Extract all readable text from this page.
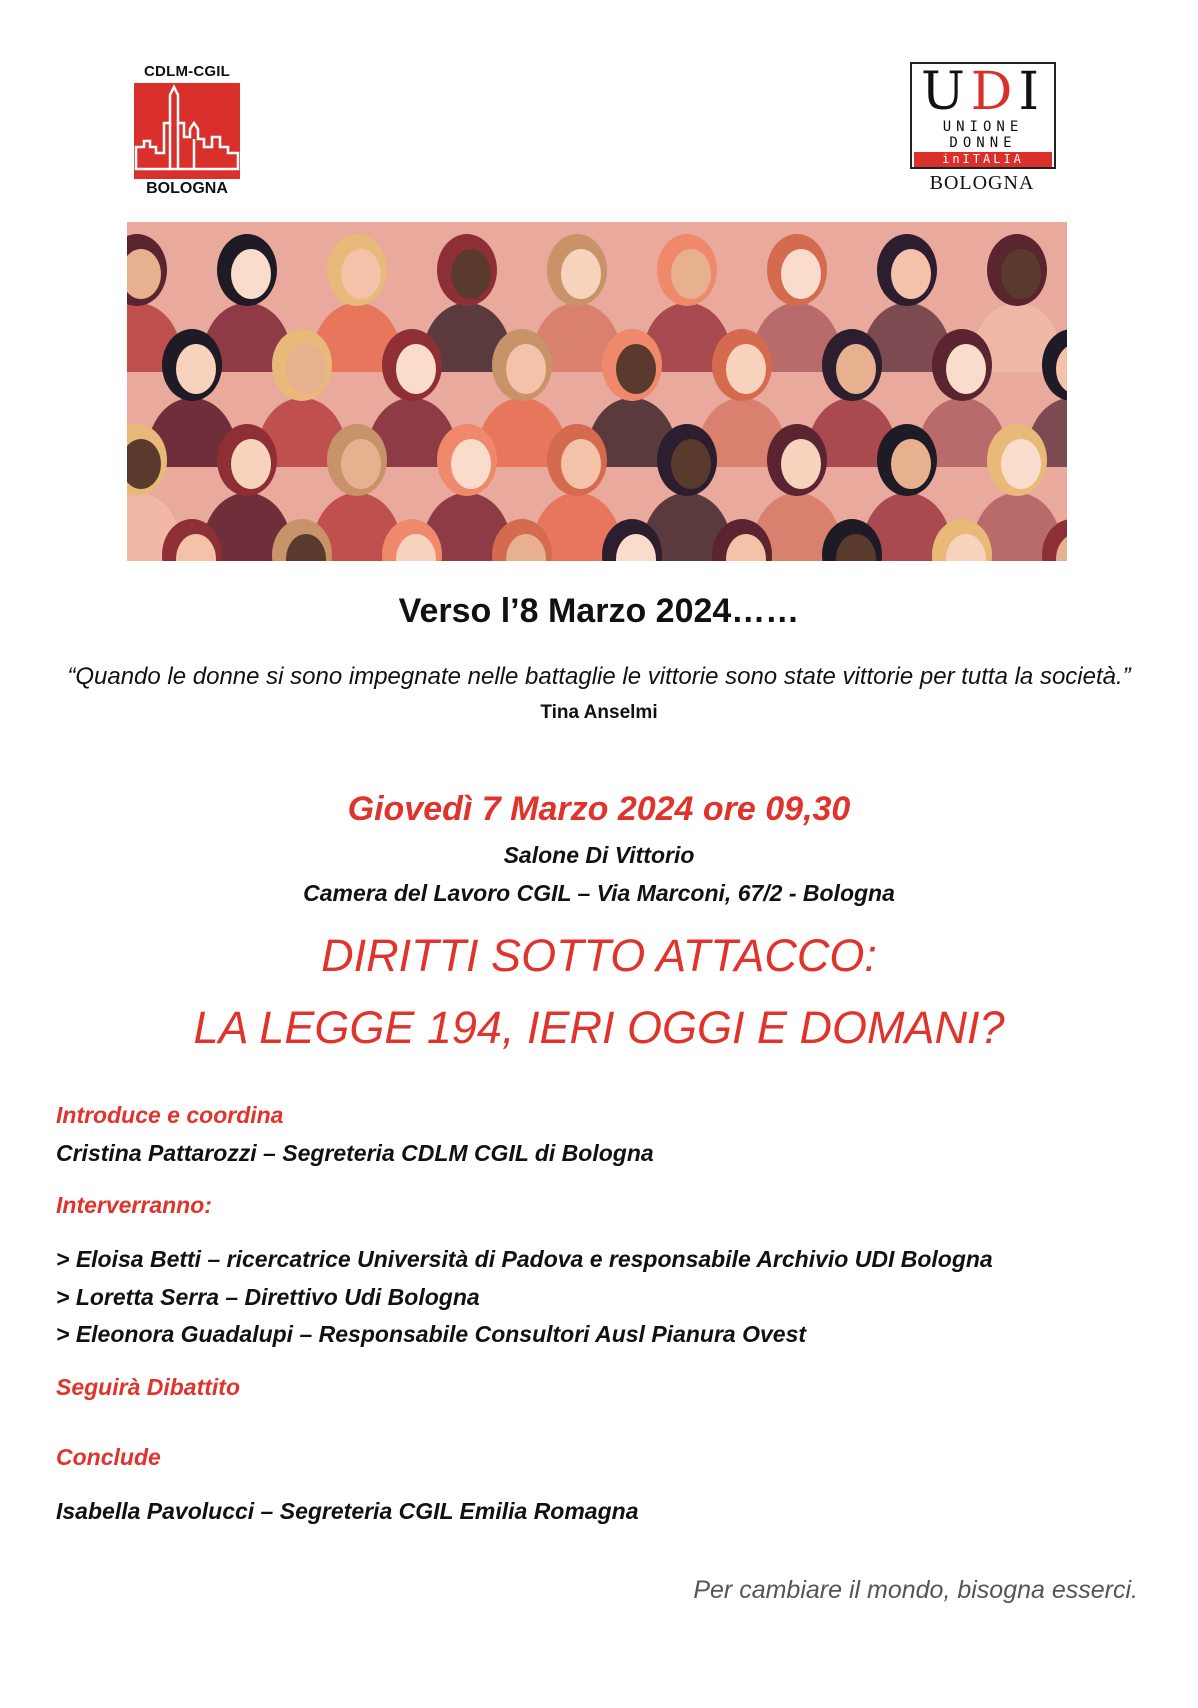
CDLM-CGIL
BOLOGNA
UDI
UNIONE
DONNE
inITALIA
BOLOGNA
Verso l’8 Marzo 2024……
“Quando le donne si sono impegnate nelle battaglie le vittorie sono state vittorie per tutta la società.” Tina Anselmi
Giovedì 7 Marzo 2024 ore 09,30
Salone Di Vittorio
Camera del Lavoro CGIL – Via Marconi, 67/2 - Bologna
DIRITTI SOTTO ATTACCO:
LA LEGGE 194, IERI OGGI E DOMANI?
Introduce e coordina
Cristina Pattarozzi – Segreteria CDLM CGIL di Bologna
Interverranno:
> Eloisa Betti – ricercatrice Università di Padova e responsabile Archivio UDI Bologna
> Loretta Serra – Direttivo Udi Bologna
> Eleonora Guadalupi – Responsabile Consultori Ausl Pianura Ovest
Seguirà Dibattito
Conclude
Isabella Pavolucci – Segreteria CGIL Emilia Romagna
Per cambiare il mondo, bisogna esserci.
